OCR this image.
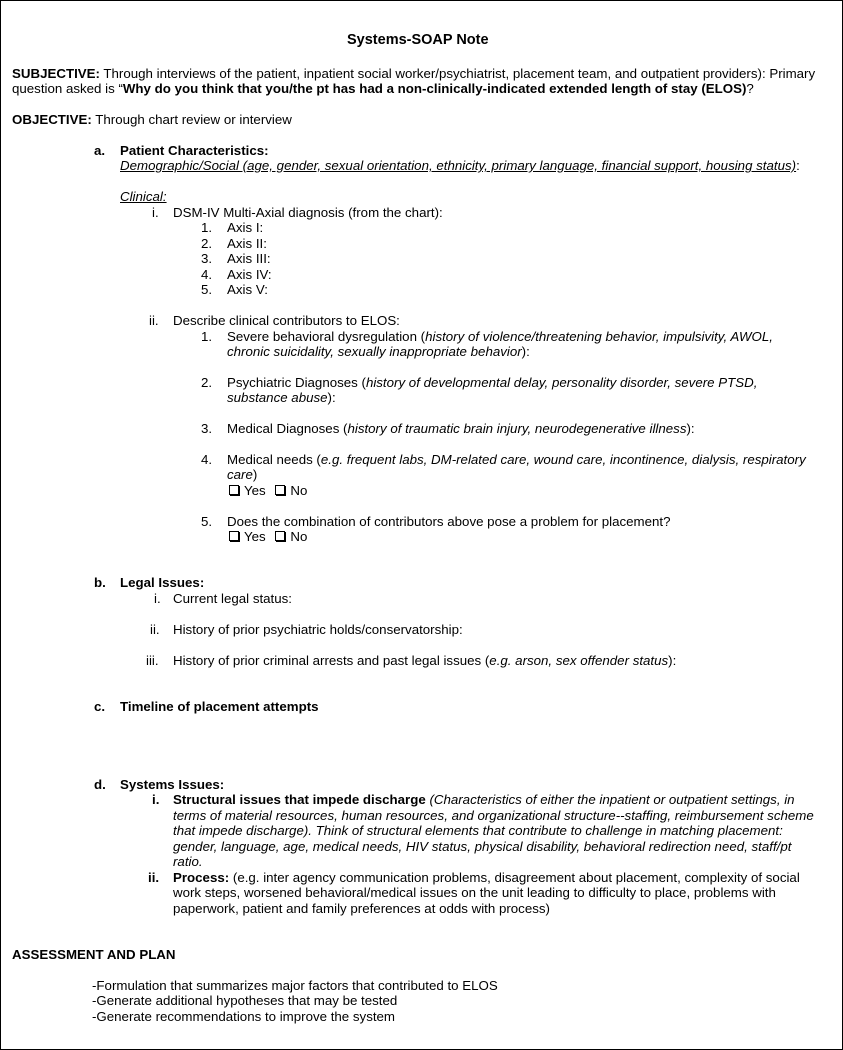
Systems-SOAP Note
SUBJECTIVE: Through interviews of the patient, inpatient social worker/psychiatrist, placement team, and outpatient providers): Primary
question asked is “Why do you think that you/the pt has had a non-clinically-indicated extended length of stay (ELOS)?
OBJECTIVE: Through chart review or interview
a. Patient Characteristics:
Demographic/Social (age, gender, sexual orientation, ethnicity, primary language, financial support, housing status):
Clinical:
i. DSM-IV Multi-Axial diagnosis (from the chart):
1. Axis I:
2. Axis II:
3. Axis III:
4. Axis IV:
5. Axis V:
ii. Describe clinical contributors to ELOS:
1. Severe behavioral dysregulation (history of violence/threatening behavior, impulsivity, AWOL,
chronic suicidality, sexually inappropriate behavior):
2. Psychiatric Diagnoses (history of developmental delay, personality disorder, severe PTSD,
substance abuse):
3. Medical Diagnoses (history of traumatic brain injury, neurodegenerative illness):
4. Medical needs (e.g. frequent labs, DM-related care, wound care, incontinence, dialysis, respiratory
care)
Yes No
5. Does the combination of contributors above pose a problem for placement?
Yes No
b. Legal Issues:
i. Current legal status:
ii. History of prior psychiatric holds/conservatorship:
iii. History of prior criminal arrests and past legal issues (e.g. arson, sex offender status):
c. Timeline of placement attempts
d. Systems Issues:
i. Structural issues that impede discharge (Characteristics of either the inpatient or outpatient settings, in
terms of material resources, human resources, and organizational structure--staffing, reimbursement scheme
that impede discharge). Think of structural elements that contribute to challenge in matching placement:
gender, language, age, medical needs, HIV status, physical disability, behavioral redirection need, staff/pt
ratio.
ii. Process: (e.g. inter agency communication problems, disagreement about placement, complexity of social
work steps, worsened behavioral/medical issues on the unit leading to difficulty to place, problems with
paperwork, patient and family preferences at odds with process)
ASSESSMENT AND PLAN
-Formulation that summarizes major factors that contributed to ELOS
-Generate additional hypotheses that may be tested
-Generate recommendations to improve the system
